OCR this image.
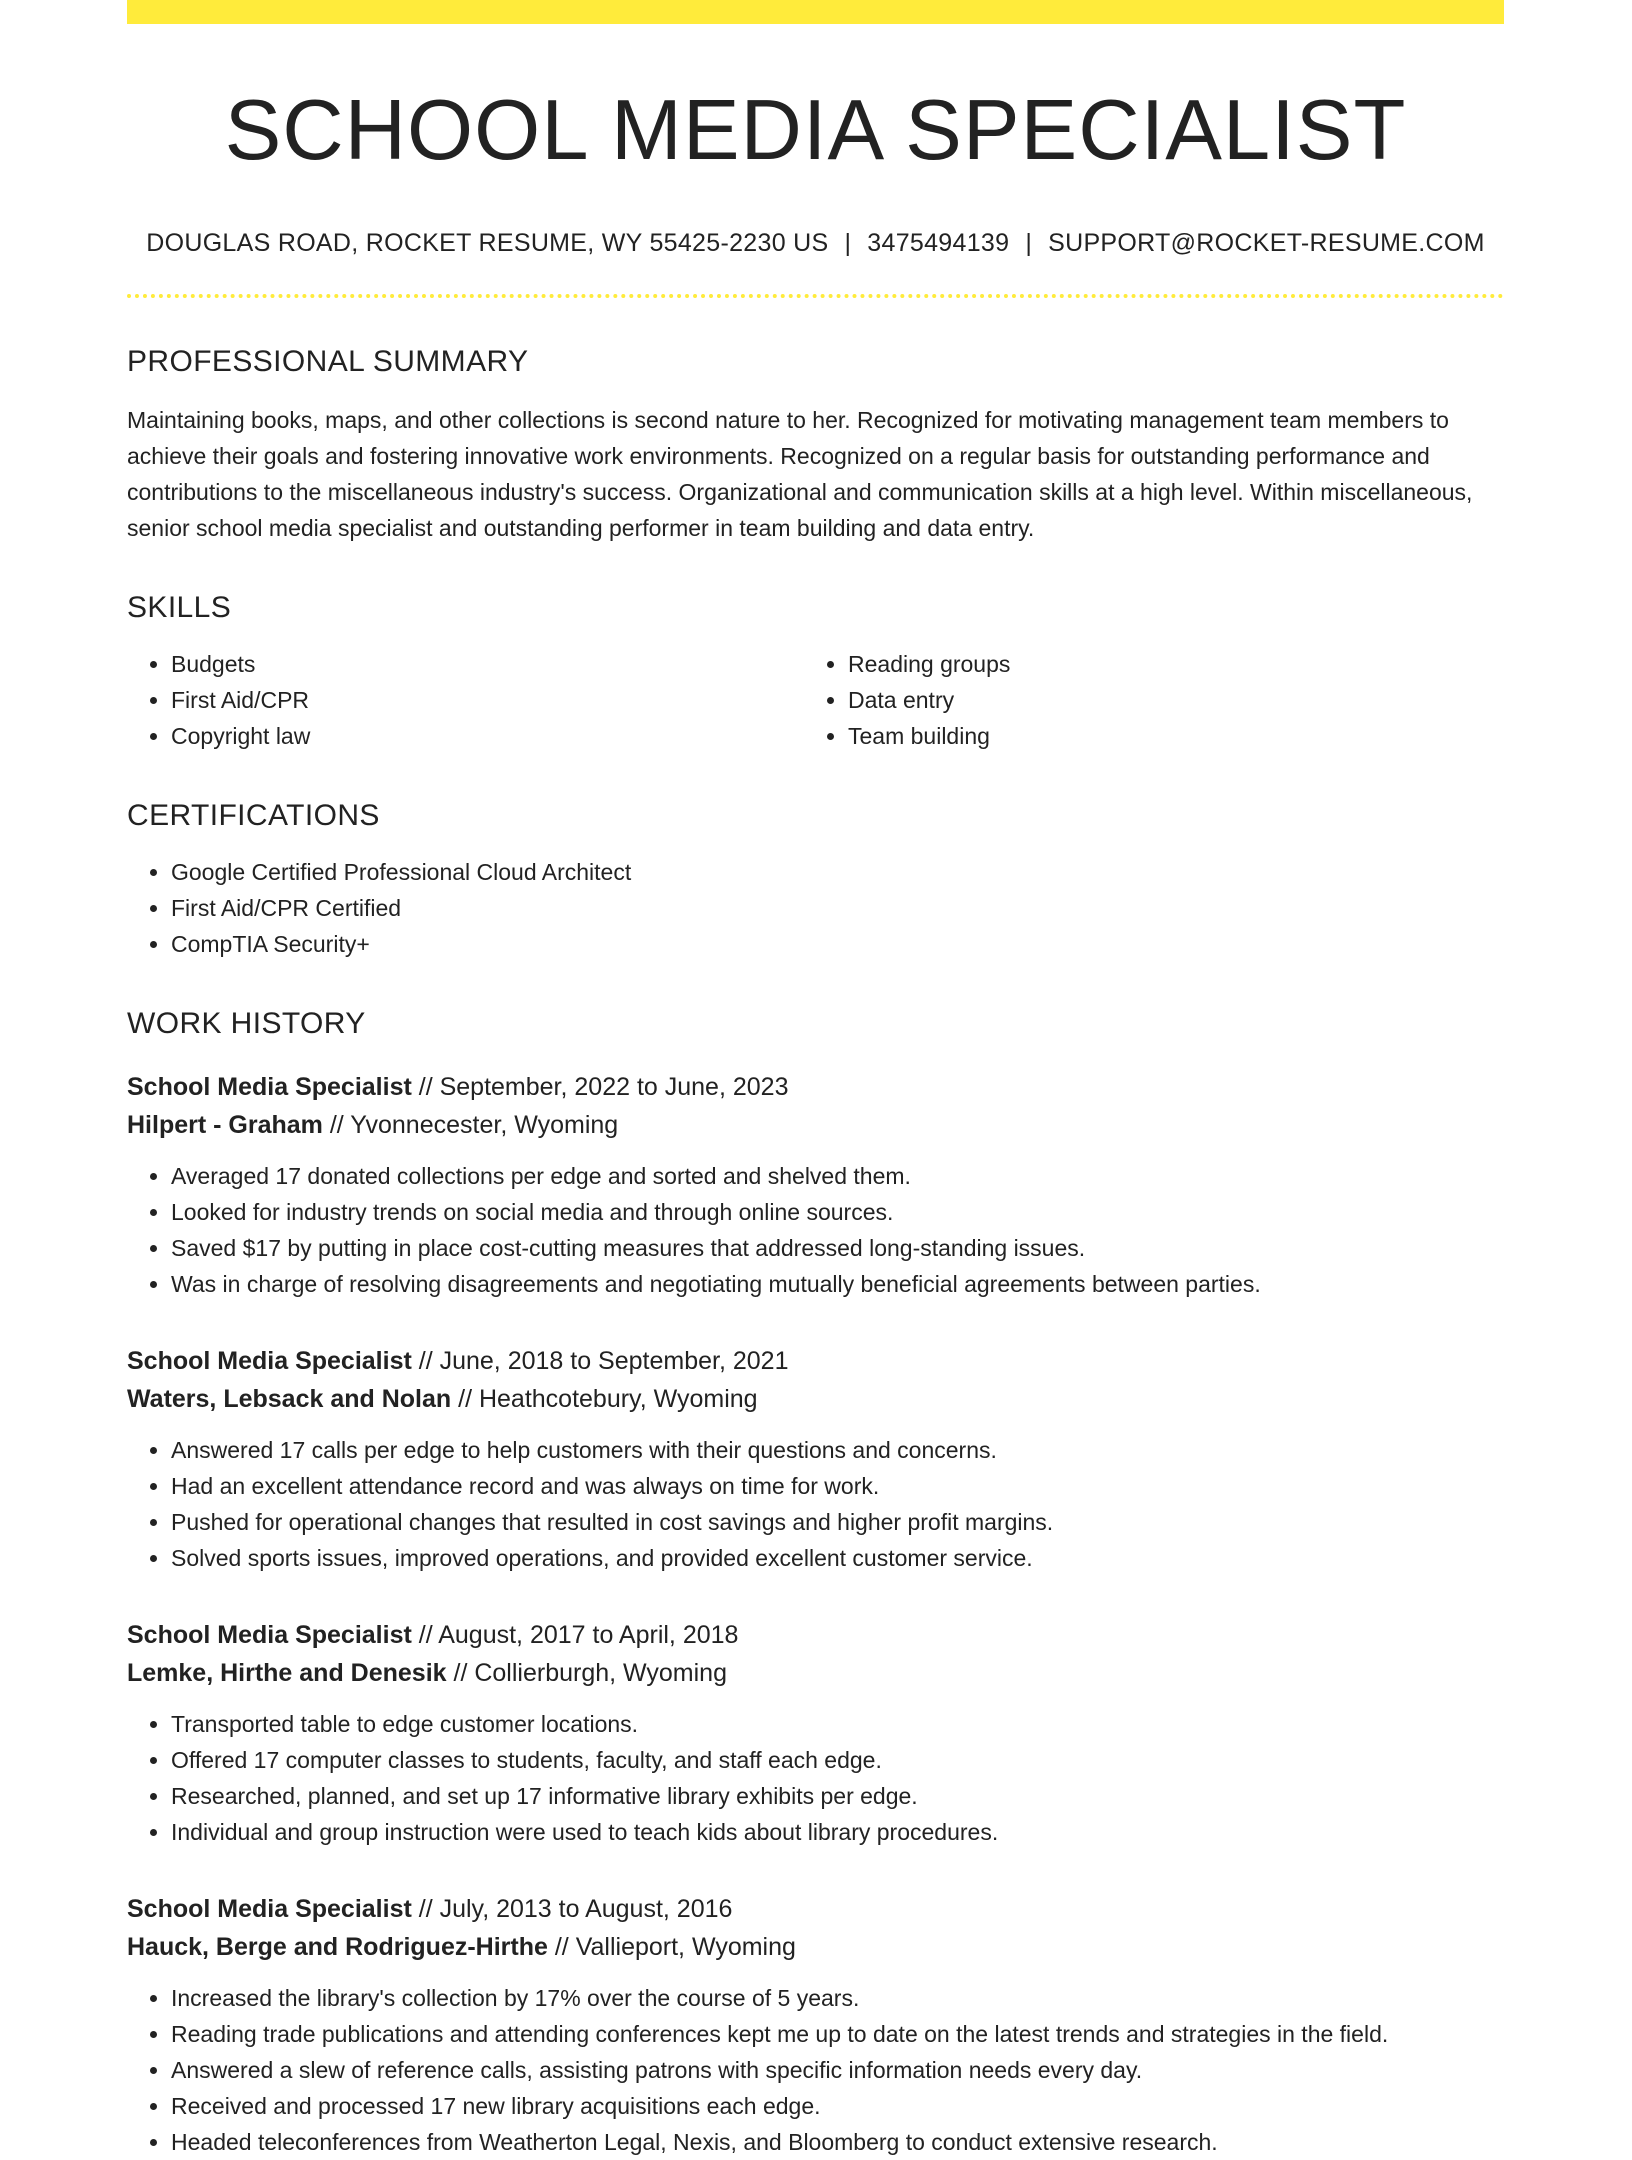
SCHOOL MEDIA SPECIALIST
DOUGLAS ROAD, ROCKET RESUME, WY 55425-2230 US | 3475494139 | SUPPORT@ROCKET-RESUME.COM
PROFESSIONAL SUMMARY

Maintaining books, maps, and other collections is second nature to her. Recognized for motivating management team members to achieve their goals and fostering innovative work environments. Recognized on a regular basis for outstanding performance and contributions to the miscellaneous industry's success. Organizational and communication skills at a high level. Within miscellaneous, senior school media specialist and outstanding performer in team building and data entry.

SKILLS
• Budgets
• First Aid/CPR
• Copyright law
• Reading groups
• Data entry
• Team building
CERTIFICATIONS
• Google Certified Professional Cloud Architect
• First Aid/CPR Certified
• CompTIA Security+
WORK HISTORY
School Media Specialist // September, 2022 to June, 2023
Hilpert - Graham // Yvonnecester, Wyoming
• Averaged 17 donated collections per edge and sorted and shelved them.
• Looked for industry trends on social media and through online sources.
• Saved $17 by putting in place cost-cutting measures that addressed long-standing issues.
• Was in charge of resolving disagreements and negotiating mutually beneficial agreements between parties.
School Media Specialist // June, 2018 to September, 2021
Waters, Lebsack and Nolan // Heathcotebury, Wyoming
• Answered 17 calls per edge to help customers with their questions and concerns.
• Had an excellent attendance record and was always on time for work.
• Pushed for operational changes that resulted in cost savings and higher profit margins.
• Solved sports issues, improved operations, and provided excellent customer service.
School Media Specialist // August, 2017 to April, 2018
Lemke, Hirthe and Denesik // Collierburgh, Wyoming
• Transported table to edge customer locations.
• Offered 17 computer classes to students, faculty, and staff each edge.
• Researched, planned, and set up 17 informative library exhibits per edge.
• Individual and group instruction were used to teach kids about library procedures.
School Media Specialist // July, 2013 to August, 2016
Hauck, Berge and Rodriguez-Hirthe // Vallieport, Wyoming
• Increased the library's collection by 17% over the course of 5 years.
• Reading trade publications and attending conferences kept me up to date on the latest trends and strategies in the field.
• Answered a slew of reference calls, assisting patrons with specific information needs every day.
• Received and processed 17 new library acquisitions each edge.
• Headed teleconferences from Weatherton Legal, Nexis, and Bloomberg to conduct extensive research.
